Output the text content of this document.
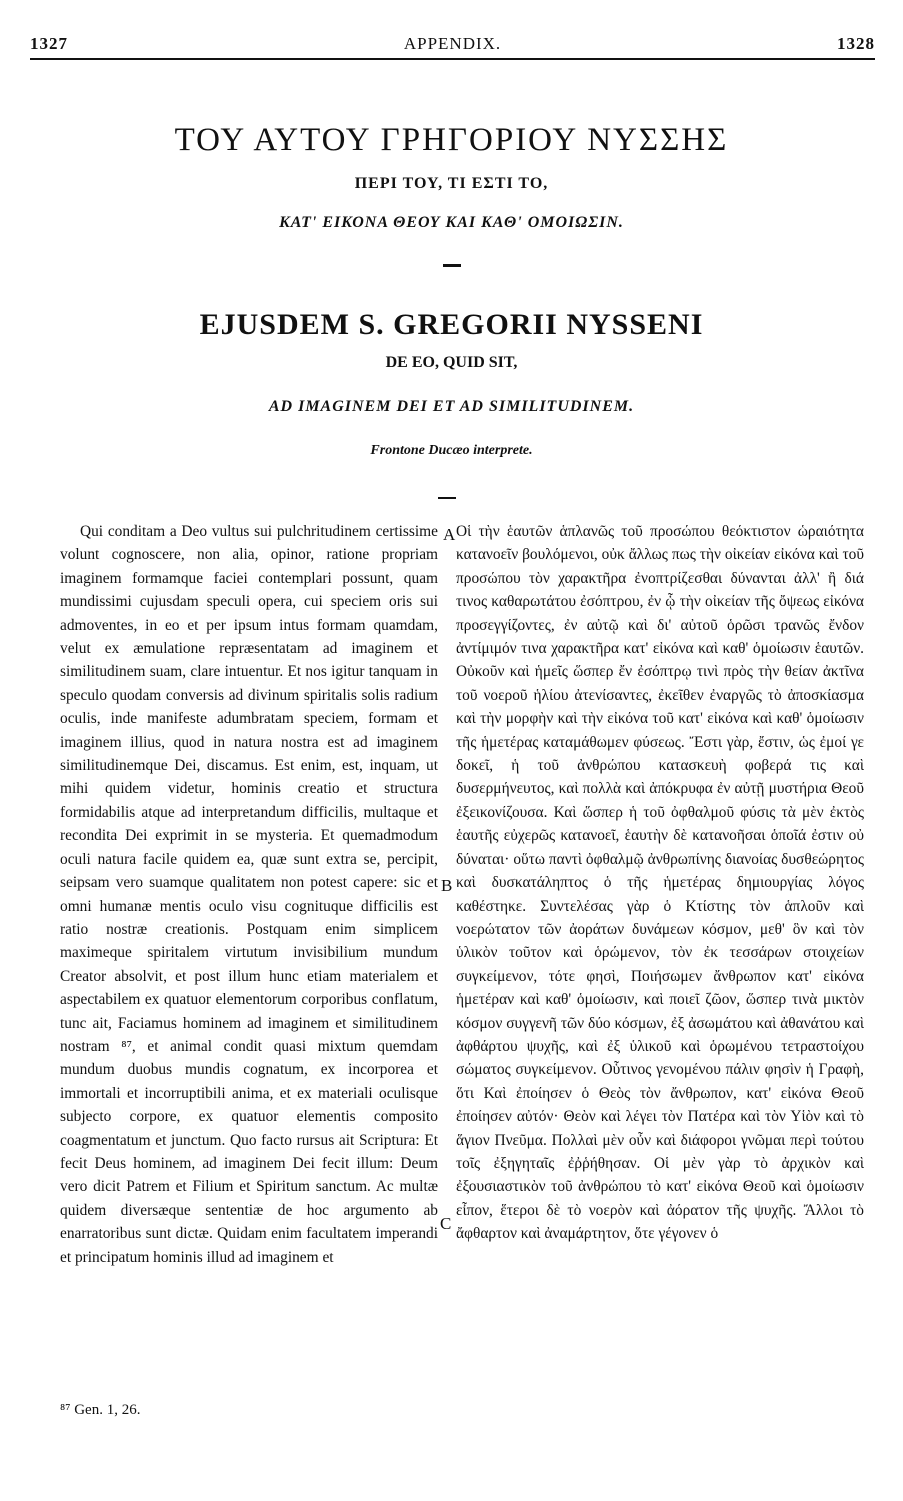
1327	APPENDIX.	1328
ΤΟΥ ΑΥΤΟΥ ΓΡΗΓΟΡΙΟΥ ΝΥΣΣΗΣ
ΠΕΡΙ ΤΟΥ, ΤΙ ΕΣΤΙ ΤΟ,
ΚΑΤ' ΕΙΚΟΝΑ ΘΕΟΥ ΚΑΙ ΚΑΘ' ΟΜΟΙΩΣΙΝ.
EJUSDEM S. GREGORII NYSSENI
DE EO, QUID SIT,
AD IMAGINEM DEI ET AD SIMILITUDINEM.
Frontone Ducæo interprete.
Qui conditam a Deo vultus sui pulchritudinem certissime volunt cognoscere, non alia, opinor, ratione propriam imaginem formamque faciei contemplari possunt, quam mundissimi cujusdam speculi opera, cui speciem oris sui admoventes, in eo et per ipsum intus formam quamdam, velut ex æmulatione repræsentatam ad imaginem et similitudinem suam, clare intuentur. Et nos igitur tanquam in speculo quodam conversis ad divinum spiritalis solis radium oculis, inde manifeste adumbratam speciem, formam et imaginem illius, quod in natura nostra est ad imaginem similitudinemque Dei, discamus. Est enim, est, inquam, ut mihi quidem videtur, hominis creatio et structura formidabilis atque ad interpretandum difficilis, multaque et recondita Dei exprimit in se mysteria. Et quemadmodum oculi natura facile quidem ea, quæ sunt extra se, percipit, seipsam vero suamque qualitatem non potest capere: sic et omni humanæ mentis oculo visu cognituque difficilis est ratio nostræ creationis. Postquam enim simplicem maximeque spiritalem virtutum invisibilium mundum Creator absolvit, et post illum hunc etiam materialem et aspectabilem ex quatuor elementorum corporibus conflatum, tunc ait, Faciamus hominem ad imaginem et similitudinem nostram ⁸⁷, et animal condit quasi mixtum quemdam mundum duobus mundis cognatum, ex incorporea et immortali et incorruptibili anima, et ex materiali oculisque subjecto corpore, ex quatuor elementis composito coagmentatum et junctum. Quo facto rursus ait Scriptura: Et fecit Deus hominem, ad imaginem Dei fecit illum: Deum vero dicit Patrem et Filium et Spiritum sanctum. Ac multæ quidem diversæque sententiæ de hoc argumento ab enarratoribus sunt dictæ. Quidam enim facultatem imperandi et principatum hominis illud ad imaginem et
Οἱ τὴν ἑαυτῶν ἁπλανῶς τοῦ προσώπου θεόκτιστον ὡραιότητα κατανοεῖν βουλόμενοι, οὐκ ἄλλως πως τὴν οἰκείαν εἰκόνα καὶ τοῦ προσώπου τὸν χαρακτῆρα ἐνοπτρίζεσθαι δύνανται ἀλλ' ἢ διά τινος καθαρωτάτου ἐσόπτρου, ἐν ᾧ τὴν οἰκείαν τῆς ὄψεως εἰκόνα προσεγγίζοντες, ἐν αὐτῷ καὶ δι' αὐτοῦ ὁρῶσι τρανῶς ἔνδον ἀντίμιμόν τινα χαρακτῆρα κατ' εἰκόνα καὶ καθ' ὁμοίωσιν ἑαυτῶν. Οὐκοῦν καὶ ἡμεῖς ὥσπερ ἔν ἐσόπτρῳ τινὶ πρὸς τὴν θείαν ἀκτῖνα τοῦ νοεροῦ ἡλίου ἀτενίσαντες, ἐκεῖθεν ἐναργῶς τὸ ἀποσκίασμα καὶ τὴν μορφὴν καὶ τὴν εἰκόνα τοῦ κατ' εἰκόνα καὶ καθ' ὁμοίωσιν τῆς ἡμετέρας καταμάθωμεν φύσεως. Ἔστι γὰρ, ἔστιν, ὡς ἐμοί γε δοκεῖ, ἡ τοῦ ἀνθρώπου κατασκευὴ φοβερά τις καὶ δυσερμήνευτος, καὶ πολλὰ καὶ ἀπόκρυφα ἐν αὐτῇ μυστήρια Θεοῦ ἐξεικονίζουσα. Καὶ ὥσπερ ἡ τοῦ ὀφθαλμοῦ φύσις τὰ μὲν ἐκτὸς ἑαυτῆς εὐχερῶς κατανοεῖ, ἑαυτὴν δὲ κατανοῆσαι ὁποῖά ἐστιν οὐ δύναται· οὕτω παντὶ ὀφθαλμῷ ἀνθρωπίνης διανοίας δυσθεώρητος καὶ δυσκατάληπτος ὁ τῆς ἡμετέρας δημιουργίας λόγος καθέστηκε. Συντελέσας γὰρ ὁ Κτίστης τὸν ἁπλοῦν καὶ νοερώτατον τῶν ἀοράτων δυνάμεων κόσμον, μεθ' ὃν καὶ τὸν ὑλικὸν τοῦτον καὶ ὁρώμενον, τὸν ἐκ τεσσάρων στοιχείων συγκείμενον, τότε φησὶ, Ποιήσωμεν ἄνθρωπον κατ' εἰκόνα ἡμετέραν καὶ καθ' ὁμοίωσιν, καὶ ποιεῖ ζῶον, ὥσπερ τινὰ μικτὸν κόσμον συγγενῆ τῶν δύο κόσμων, ἐξ ἀσωμάτου καὶ ἀθανάτου καὶ ἀφθάρτου ψυχῆς, καὶ ἐξ ὑλικοῦ καὶ ὁρωμένου τετραστοίχου σώματος συγκείμενον. Οὗτινος γενομένου πάλιν φησὶν ἡ Γραφὴ, ὅτι Καὶ ἐποίησεν ὁ Θεὸς τὸν ἄνθρωπον, κατ' εἰκόνα Θεοῦ ἐποίησεν αὐτόν· Θεὸν καὶ λέγει τὸν Πατέρα καὶ τὸν Υἱὸν καὶ τὸ ἅγιον Πνεῦμα. Πολλαὶ μὲν οὖν καὶ διάφοροι γνῶμαι περὶ τούτου τοῖς ἐξηγηταῖς ἐῤῥήθησαν. Οἱ μὲν γὰρ τὸ ἀρχικὸν καὶ ἐξουσιαστικὸν τοῦ ἀνθρώπου τὸ κατ' εἰκόνα Θεοῦ καὶ ὁμοίωσιν εἶπον, ἕτεροι δὲ τὸ νοερὸν καὶ ἀόρατον τῆς ψυχῆς. Ἄλλοι τὸ ἄφθαρτον καὶ ἀναμάρτητον, ὅτε γέγονεν ὁ
A
B
C
⁸⁷ Gen. 1, 26.
